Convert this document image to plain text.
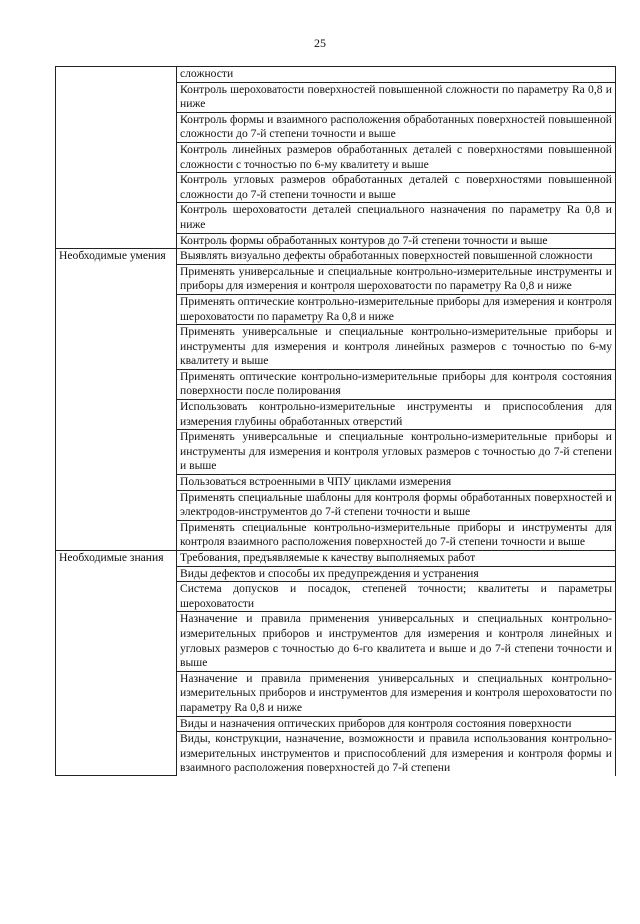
25
	сложности
	Контроль шероховатости поверхностей повышенной сложности по параметру Ra 0,8 и ниже
	Контроль формы и взаимного расположения обработанных поверхностей повышенной сложности до 7-й степени точности и выше
	Контроль линейных размеров обработанных деталей с поверхностями повышенной сложности с точностью по 6-му квалитету и выше
	Контроль угловых размеров обработанных деталей с поверхностями повышенной сложности до 7-й степени точности и выше
	Контроль шероховатости деталей специального назначения по параметру Ra 0,8 и ниже
	Контроль формы обработанных контуров до 7-й степени точности и выше
Необходимые умения	Выявлять визуально дефекты обработанных поверхностей повышенной сложности
	Применять универсальные и специальные контрольно-измерительные инструменты и приборы для измерения и контроля шероховатости по параметру Ra 0,8 и ниже
	Применять оптические контрольно-измерительные приборы для измерения и контроля шероховатости по параметру Ra 0,8 и ниже
	Применять универсальные и специальные контрольно-измерительные приборы и инструменты для измерения и контроля линейных размеров с точностью по 6-му квалитету и выше
	Применять оптические контрольно-измерительные приборы для контроля состояния поверхности после полирования
	Использовать контрольно-измерительные инструменты и приспособления для измерения глубины обработанных отверстий
	Применять универсальные и специальные контрольно-измерительные приборы и инструменты для измерения и контроля угловых размеров с точностью до 7-й степени и выше
	Пользоваться встроенными в ЧПУ циклами измерения
	Применять специальные шаблоны для контроля формы обработанных поверхностей и электродов-инструментов до 7-й степени точности и выше
	Применять специальные контрольно-измерительные приборы и инструменты для контроля взаимного расположения поверхностей до 7-й степени точности и выше
Необходимые знания	Требования, предъявляемые к качеству выполняемых работ
	Виды дефектов и способы их предупреждения и устранения
	Система допусков и посадок, степеней точности; квалитеты и параметры шероховатости
	Назначение и правила применения универсальных и специальных контрольно-измерительных приборов и инструментов для измерения и контроля линейных и угловых размеров с точностью до 6-го квалитета и выше и до 7-й степени точности и выше
	Назначение и правила применения универсальных и специальных контрольно-измерительных приборов и инструментов для измерения и контроля шероховатости по параметру Ra 0,8 и ниже
	Виды и назначения оптических приборов для контроля состояния поверхности
	Виды, конструкции, назначение, возможности и правила использования контрольно-измерительных инструментов и приспособлений для измерения и контроля формы и взаимного расположения поверхностей до 7-й степени
